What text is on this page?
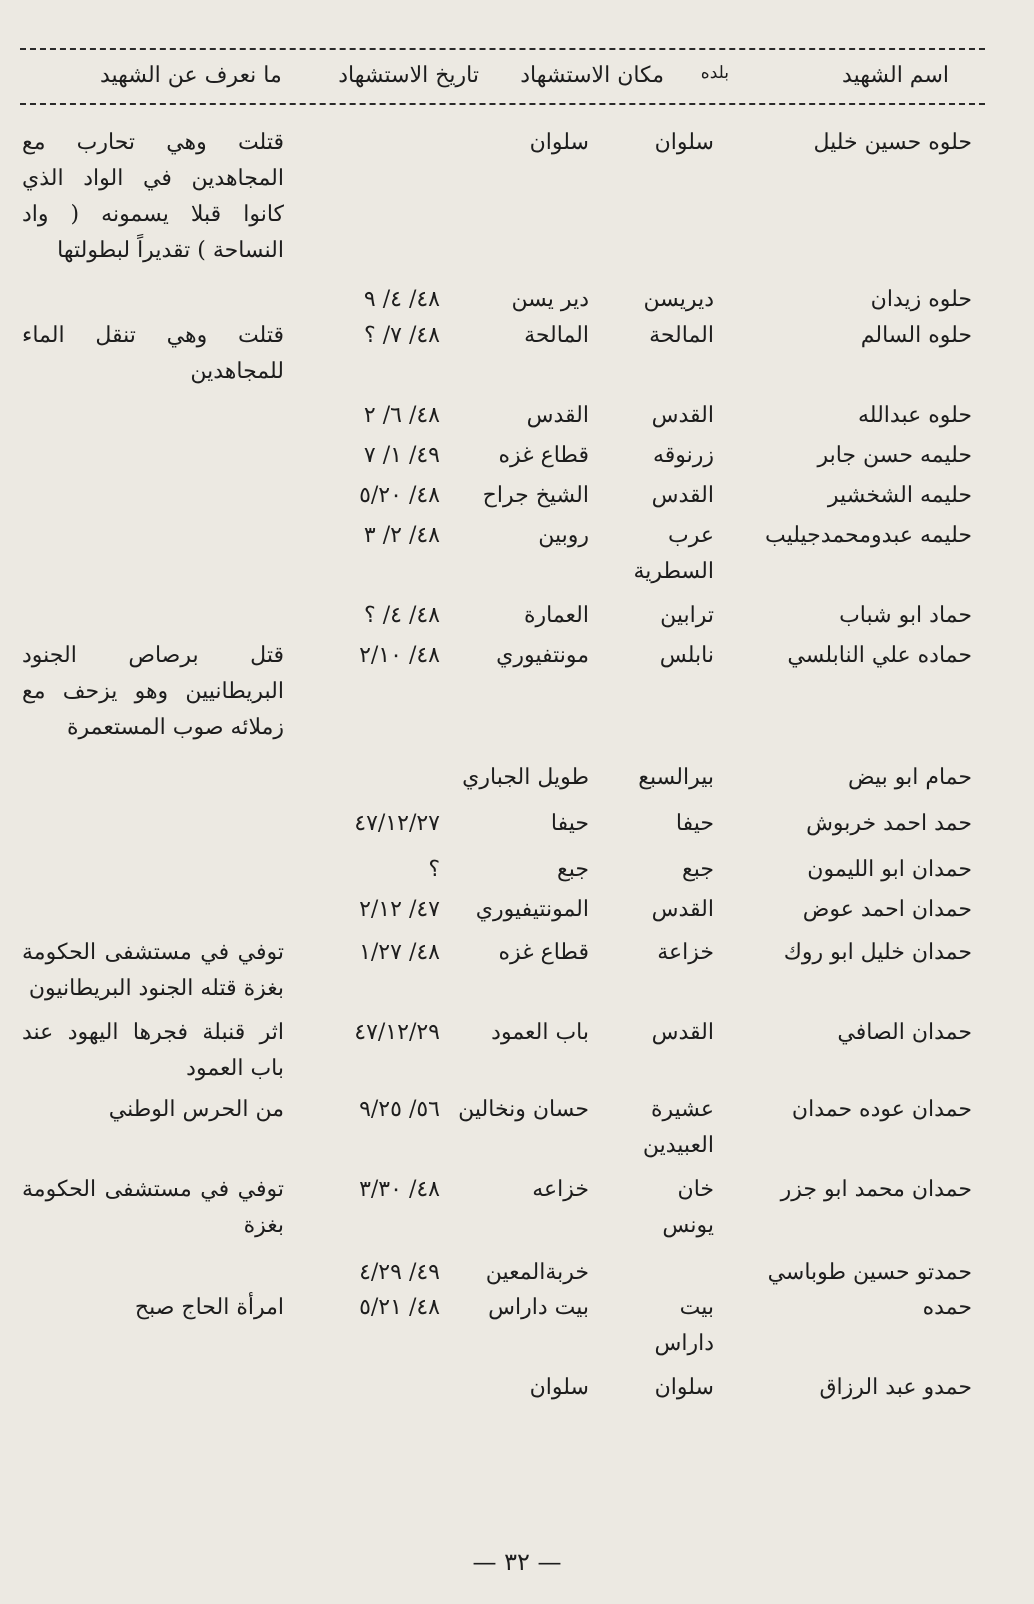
اسم الشهيد
بلده
مكان الاستشهاد
تاريخ الاستشهاد
ما نعرف عن الشهيد
حلوه حسين خليل
سلوان
سلوان
قتلت وهي تحارب مع المجاهدين في الواد الذي كانوا قبلا يسمونه ( واد النساحة ) تقديراً لبطولتها
حلوه زيدان
ديريسن
دير يسن
٤٨/ ٤/ ٩
حلوه السالم
المالحة
المالحة
٤٨/ ٧/ ؟
قتلت وهي تنقل الماء للمجاهدين
حلوه عبدالله
القدس
القدس
٤٨/ ٦/ ٢
حليمه حسن جابر
زرنوقه
قطاع غزه
٤٩/ ١/ ٧
حليمه الشخشير
القدس
الشيخ جراح
٤٨/ ٥/٢٠
حليمه عبدومحمدجيليب
عرب السطرية
روبين
٤٨/ ٢/ ٣
حماد ابو شباب
ترابين
العمارة
٤٨/ ٤/ ؟
حماده علي النابلسي
نابلس
مونتفيوري
٤٨/ ٢/١٠
قتل برصاص الجنود البريطانيين وهو يزحف مع زملائه صوب المستعمرة
حمام ابو بيض
بيرالسبع
طويل الجباري
حمد احمد خربوش
حيفا
حيفا
٤٧/١٢/٢٧
حمدان ابو الليمون
جبع
جبع
؟
حمدان احمد عوض
القدس
المونتيفيوري
٤٧/ ٢/١٢
حمدان خليل ابو روك
خزاعة
قطاع غزه
٤٨/ ١/٢٧
توفي في مستشفى الحكومة بغزة قتله الجنود البريطانيون
حمدان الصافي
القدس
باب العمود
٤٧/١٢/٢٩
اثر قنبلة فجرها اليهود عند باب العمود
حمدان عوده حمدان
عشيرة العبيدين
حسان ونخالين
٥٦/ ٩/٢٥
من الحرس الوطني
حمدان محمد ابو جزر
خان يونس
خزاعه
٤٨/ ٣/٣٠
توفي في مستشفى الحكومة بغزة
حمدتو حسين طوباسي
خربةالمعين
٤٩/ ٤/٢٩
حمده
بيت داراس
بيت داراس
٤٨/ ٥/٢١
امرأة الحاج صبح
حمدو عبد الرزاق
سلوان
سلوان
— ٣٢ —
